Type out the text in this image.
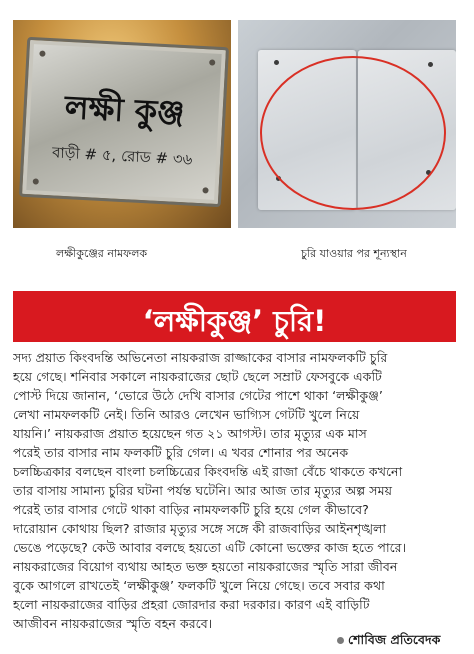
লক্ষী কুঞ্জ
বাড়ী # ৫, রোড # ৩৬
লক্ষীকুঞ্জের নামফলক	চুরি যাওয়ার পর শূন্যস্থান
‘লক্ষীকুঞ্জ’ চুরি!
সদ্য প্রয়াত কিংবদন্তি অভিনেতা নায়করাজ রাজ্জাকের বাসার নামফলকটি চুরি
হয়ে গেছে। শনিবার সকালে নায়করাজের ছোট ছেলে সম্রাট ফেসবুকে একটি
পোস্ট দিয়ে জানান, ‘ভোরে উঠে দেখি বাসার গেটের পাশে থাকা ‘লক্ষীকুঞ্জ’
লেখা নামফলকটি নেই। তিনি আরও লেখেন ভাগ্যিস গেটটি খুলে নিয়ে
যায়নি।’ নায়করাজ প্রয়াত হয়েছেন গত ২১ আগস্ট। তার মৃত্যুর এক মাস
পরেই তার বাসার নাম ফলকটি চুরি গেল। এ খবর শোনার পর অনেক
চলচ্চিত্রকার বলছেন বাংলা চলচ্চিত্রের কিংবদন্তি এই রাজা বেঁচে থাকতে কখনো
তার বাসায় সামান্য চুরির ঘটনা পর্যন্ত ঘটেনি। আর আজ তার মৃত্যুর অল্প সময়
পরেই তার বাসার গেটে থাকা বাড়ির নামফলকটি চুরি হয়ে গেল কীভাবে?
দারোয়ান কোথায় ছিল? রাজার মৃত্যুর সঙ্গে সঙ্গে কী রাজবাড়ির আইনশৃঙ্খলা
ভেঙে পড়েছে? কেউ আবার বলছে হয়তো এটি কোনো ভক্তের কাজ হতে পারে।
নায়করাজের বিয়োগ ব্যথায় আহত ভক্ত হয়তো নায়করাজের স্মৃতি সারা জীবন
বুকে আগলে রাখতেই ‘লক্ষীকুঞ্জ’ ফলকটি খুলে নিয়ে গেছে। তবে সবার কথা
হলো নায়করাজের বাড়ির প্রহরা জোরদার করা দরকার। কারণ এই বাড়িটি
আজীবন নায়করাজের স্মৃতি বহন করবে।
শোবিজ প্রতিবেদক
